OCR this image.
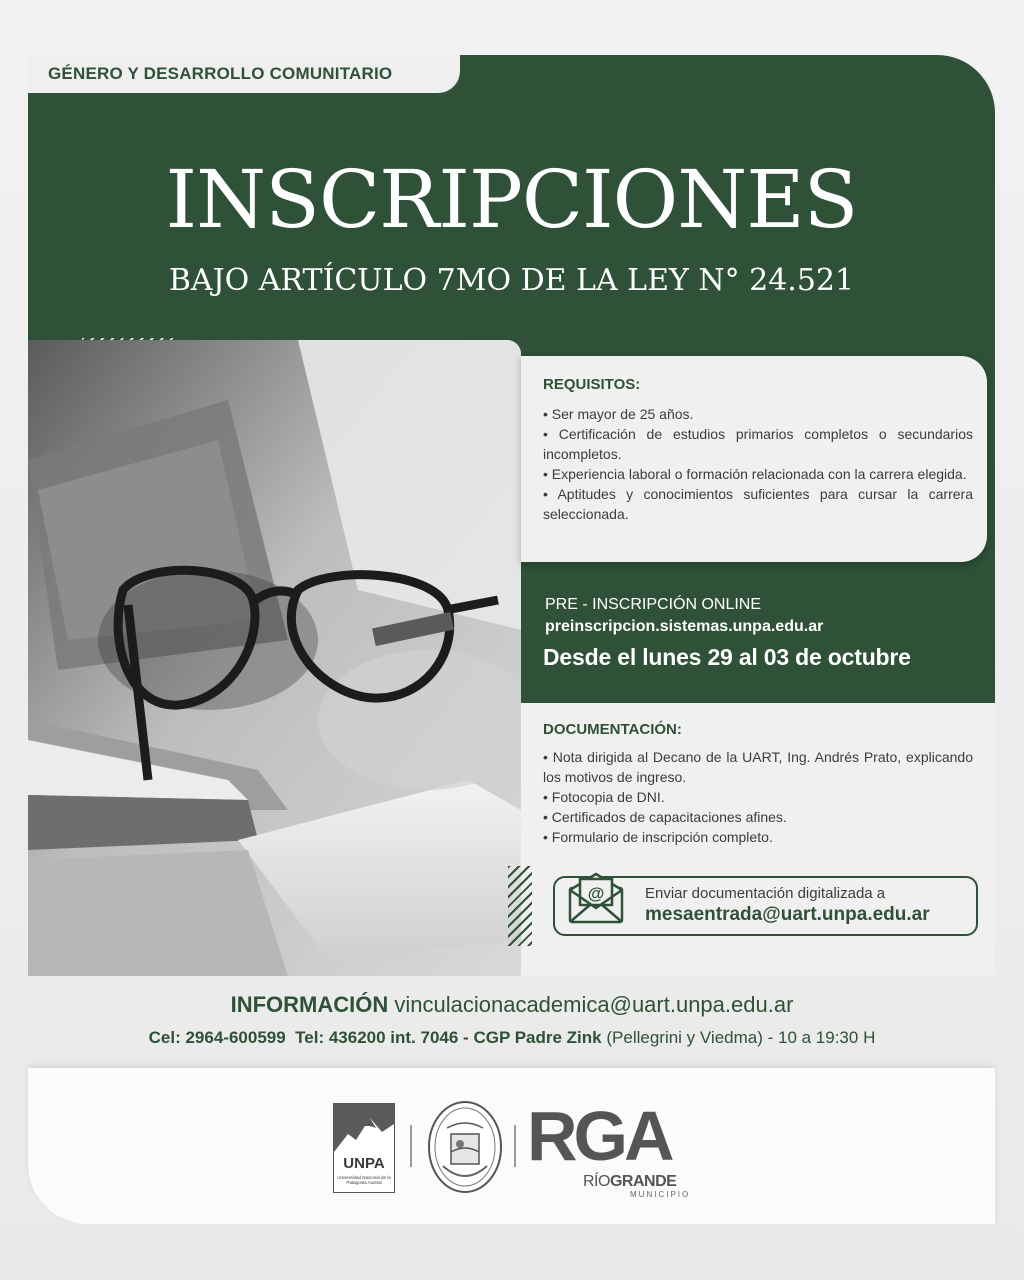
GÉNERO Y DESARROLLO COMUNITARIO
INSCRIPCIONES
BAJO ARTÍCULO 7MO DE LA LEY N° 24.521
REQUISITOS:
• Ser mayor de 25 años.
• Certificación de estudios primarios completos o secundarios incompletos.
• Experiencia laboral o formación relacionada con la carrera elegida.
• Aptitudes y conocimientos suficientes para cursar la carrera seleccionada.
PRE - INSCRIPCIÓN ONLINE
preinscripcion.sistemas.unpa.edu.ar
Desde el lunes 29 al 03 de octubre
DOCUMENTACIÓN:
• Nota dirigida al Decano de la UART, Ing. Andrés Prato, explicando los motivos de ingreso.
• Fotocopia de DNI.
• Certificados de capacitaciones afines.
• Formulario de inscripción completo.
@	Enviar documentación digitalizada a
mesaentrada@uart.unpa.edu.ar
INFORMACIÓN vinculacionacademica@uart.unpa.edu.ar
Cel: 2964-600599 Tel: 436200 int. 7046 - CGP Padre Zink (Pellegrini y Viedma) - 10 a 19:30 H
UNPA
Universidad Nacional de la Patagonia Austral
RGA
RÍOGRANDE
MUNICIPIO
